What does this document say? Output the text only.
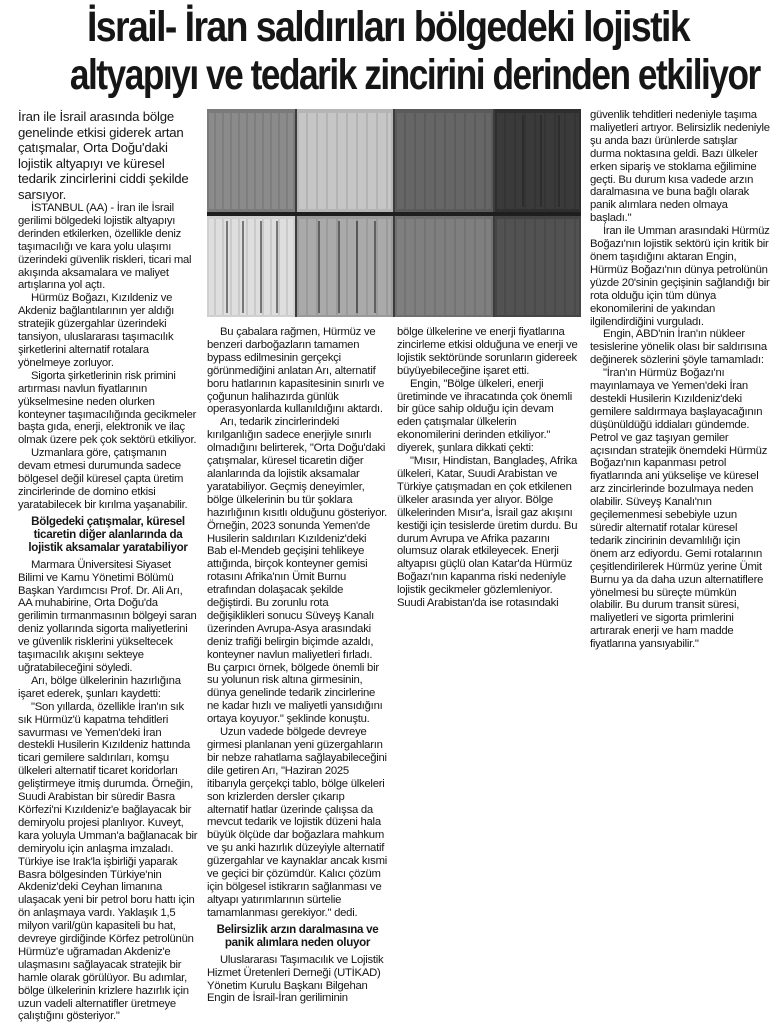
İsrail- İran saldırıları bölgedeki lojistik
altyapıyı ve tedarik zincirini derinden etkiliyor

İran ile İsrail arasında bölge genelinde etkisi giderek artan çatışmalar, Orta Doğu'daki lojistik altyapıyı ve küresel tedarik zincirlerini ciddi şekilde sarsıyor.

İSTANBUL (AA) - İran ile İsrail gerilimi bölgedeki lojistik altyapıyı derinden etkilerken, özellikle deniz taşımacılığı ve kara yolu ulaşımı üzerindeki güvenlik riskleri, ticari mal akışında aksamalara ve maliyet artışlarına yol açtı.

Hürmüz Boğazı, Kızıldeniz ve Akdeniz bağlantılarının yer aldığı stratejik güzergahlar üzerindeki tansiyon, uluslararası taşımacılık şirketlerini alternatif rotalara yönelmeye zorluyor.

Sigorta şirketlerinin risk primini artırması navlun fiyatlarının yükselmesine neden olurken konteyner taşımacılığında gecikmeler başta gıda, enerji, elektronik ve ilaç olmak üzere pek çok sektörü etkiliyor.

Uzmanlara göre, çatışmanın devam etmesi durumunda sadece bölgesel değil küresel çapta üretim zincirlerinde de domino etkisi yaratabilecek bir kırılma yaşanabilir.

Bölgedeki çatışmalar, küresel ticaretin diğer alanlarında da lojistik aksamalar yaratabiliyor

Marmara Üniversitesi Siyaset Bilimi ve Kamu Yönetimi Bölümü Başkan Yardımcısı Prof. Dr. Ali Arı, AA muhabirine, Orta Doğu'da gerilimin tırmanmasının bölgeyi saran deniz yollarında sigorta maliyetlerini ve güvenlik risklerini yükseltecek taşımacılık akışını sekteye uğratabileceğini söyledi.

Arı, bölge ülkelerinin hazırlığına işaret ederek, şunları kaydetti:

"Son yıllarda, özellikle İran'ın sık sık Hürmüz'ü kapatma tehditleri savurması ve Yemen'deki İran destekli Husilerin Kızıldeniz hattında ticari gemilere saldırıları, komşu ülkeleri alternatif ticaret koridorları geliştirmeye itmiş durumda. Örneğin, Suudi Arabistan bir süredir Basra Körfezi'ni Kızıldeniz'e bağlayacak bir demiryolu projesi planlıyor. Kuveyt, kara yoluyla Umman'a bağlanacak bir demiryolu için anlaşma imzaladı. Türkiye ise Irak'la işbirliği yaparak Basra bölgesinden Türkiye'nin Akdeniz'deki Ceyhan limanına ulaşacak yeni bir petrol boru hattı için ön anlaşmaya vardı. Yaklaşık 1,5 milyon varil/gün kapasiteli bu hat, devreye girdiğinde Körfez petrolünün Hürmüz'e uğramadan Akdeniz'e ulaşmasını sağlayacak stratejik bir hamle olarak görülüyor. Bu adımlar, bölge ülkelerinin krizlere hazırlık için uzun vadeli alternatifler üretmeye çalıştığını gösteriyor."

Bu çabalara rağmen, Hürmüz ve benzeri darboğazların tamamen bypass edilmesinin gerçekçi görünmediğini anlatan Arı, alternatif boru hatlarının kapasitesinin sınırlı ve çoğunun halihazırda günlük operasyonlarda kullanıldığını aktardı.

Arı, tedarik zincirlerindeki kırılganlığın sadece enerjiyle sınırlı olmadığını belirterek, "Orta Doğu'daki çatışmalar, küresel ticaretin diğer alanlarında da lojistik aksamalar yaratabiliyor. Geçmiş deneyimler, bölge ülkelerinin bu tür şoklara hazırlığının kısıtlı olduğunu gösteriyor. Örneğin, 2023 sonunda Yemen'de Husilerin saldırıları Kızıldeniz'deki Bab el-Mendeb geçişini tehlikeye attığında, birçok konteyner gemisi rotasını Afrika'nın Ümit Burnu etrafından dolaşacak şekilde değiştirdi. Bu zorunlu rota değişiklikleri sonucu Süveyş Kanalı üzerinden Avrupa-Asya arasındaki deniz trafiği belirgin biçimde azaldı, konteyner navlun maliyetleri fırladı. Bu çarpıcı örnek, bölgede önemli bir su yolunun risk altına girmesinin, dünya genelinde tedarik zincirlerine ne kadar hızlı ve maliyetli yansıdığını ortaya koyuyor." şeklinde konuştu.

Uzun vadede bölgede devreye girmesi planlanan yeni güzergahların bir nebze rahatlama sağlayabileceğini dile getiren Arı, "Haziran 2025 itibarıyla gerçekçi tablo, bölge ülkeleri son krizlerden dersler çıkarıp alternatif hatlar üzerinde çalışsa da mevcut tedarik ve lojistik düzeni hala büyük ölçüde dar boğazlara mahkum ve şu anki hazırlık düzeyiyle alternatif güzergahlar ve kaynaklar ancak kısmi ve geçici bir çözümdür. Kalıcı çözüm için bölgesel istikrarın sağlanması ve altyapı yatırımlarının sürtelie tamamlanması gerekiyor." dedi.

Belirsizlik arzın daralmasına ve panik alımlara neden oluyor

Uluslararası Taşımacılık ve Lojistik Hizmet Üretenleri Derneği (UTİKAD) Yönetim Kurulu Başkanı Bilgehan Engin de İsrail-İran geriliminin

bölge ülkelerine ve enerji fiyatlarına zincirleme etkisi olduğuna ve enerji ve lojistik sektöründe sorunların gidereek büyüyebileceğine işaret etti.

Engin, "Bölge ülkeleri, enerji üretiminde ve ihracatında çok önemli bir güce sahip olduğu için devam eden çatışmalar ülkelerin ekonomilerini derinden etkiliyor." diyerek, şunlara dikkati çekti:

"Mısır, Hindistan, Bangladeş, Afrika ülkeleri, Katar, Suudi Arabistan ve Türkiye çatışmadan en çok etkilenen ülkeler arasında yer alıyor. Bölge ülkelerinden Mısır'a, İsrail gaz akışını kestiği için tesislerde üretim durdu. Bu durum Avrupa ve Afrika pazarını olumsuz olarak etkileyecek. Enerji altyapısı güçlü olan Katar'da Hürmüz Boğazı'nın kapanma riski nedeniyle lojistik gecikmeler gözlemleniyor. Suudi Arabistan'da ise rotasındaki

güvenlik tehditleri nedeniyle taşıma maliyetleri artıyor. Belirsizlik nedeniyle şu anda bazı ürünlerde satışlar durma noktasına geldi. Bazı ülkeler erken sipariş ve stoklama eğilimine geçti. Bu durum kısa vadede arzın daralmasına ve buna bağlı olarak panik alımlara neden olmaya başladı."

İran ile Umman arasındaki Hürmüz Boğazı'nın lojistik sektörü için kritik bir önem taşıdığını aktaran Engin, Hürmüz Boğazı'nın dünya petrolünün yüzde 20'sinin geçişinin sağlandığı bir rota olduğu için tüm dünya ekonomilerini de yakından ilgilendirdiğini vurguladı.

Engin, ABD'nin İran'ın nükleer tesislerine yönelik olası bir saldırısına değinerek sözlerini şöyle tamamladı:

"İran'ın Hürmüz Boğazı'nı mayınlamaya ve Yemen'deki İran destekli Husilerin Kızıldeniz'deki gemilere saldırmaya başlayacağının düşünüldüğü iddiaları gündemde. Petrol ve gaz taşıyan gemiler açısından stratejik önemdeki Hürmüz Boğazı'nın kapanması petrol fiyatlarında ani yükselişe ve küresel arz zincirlerinde bozulmaya neden olabilir. Süveyş Kanalı'nın geçilemenmesi sebebiyle uzun süredir alternatif rotalar küresel tedarik zincirinin devamlılığı için önem arz ediyordu. Gemi rotalarının çeşitlendirilerek Hürmüz yerine Ümit Burnu ya da daha uzun alternatiflere yönelmesi bu süreçte mümkün olabilir. Bu durum transit süresi, maliyetleri ve sigorta primlerini artırarak enerji ve ham madde fiyatlarına yansıyabilir."
